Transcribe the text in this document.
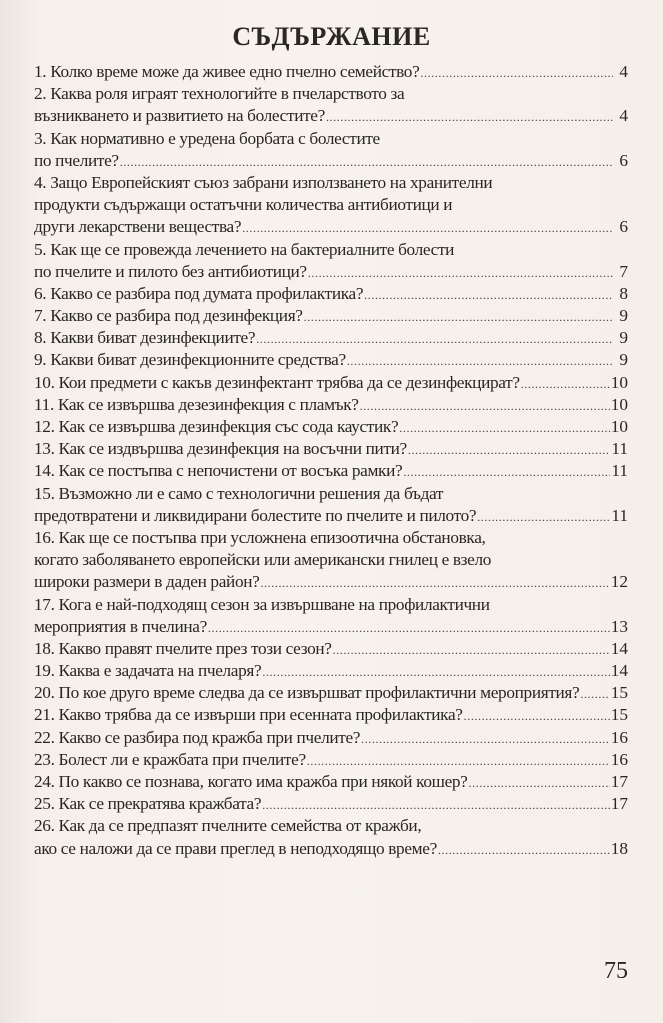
СЪДЪРЖАНИЕ
1. Колко време може да живее едно пчелно семейство? .....	4
2. Каква роля играят технологийте в пчеларството за
възникването и развитието на болестите? .....	4
3. Как нормативно е уредена борбата с болестите
по пчелите? .....	6
4. Защо Европейският съюз забрани използването на хранителни
продукти съдържащи остатъчни количества антибиотици и
други лекарствени вещества? .....	6
5. Как ще се провежда лечението на бактериалните болести
по пчелите и пилото без антибиотици? .....	7
6. Какво се разбира под думата профилактика? .....	8
7. Какво се разбира под дезинфекция? .....	9
8. Какви биват дезинфекциите? .....	9
9. Какви биват дезинфекционните средства? .....	9
10. Кои предмети с какъв дезинфектант трябва да се дезинфекцират? .....	10
11. Как се извършва дезезинфекция с пламък? .....	10
12. Как се извършва дезинфекция със сода каустик? .....	10
13. Как се издвършва дезинфекция на восъчни пити? .....	11
14. Как се постъпва с непочистени от восъка рамки? .....	11
15. Възможно ли е само с технологични решения да бъдат
предотвратени и ликвидирани болестите по пчелите и пилото? .....	11
16. Как ще се постъпва при усложнена епизоотична обстановка,
когато заболяването европейски или американски гнилец е взело
широки размери в даден район? .....	12
17. Кога е най-подходящ сезон за извършване на профилактични
мероприятия в пчелина? .....	13
18. Какво правят пчелите през този сезон? .....	14
19. Каква е задачата на пчеларя? .....	14
20. По кое друго време следва да се извършват профилактични мероприятия? ..... 15
21. Какво трябва да се извърши при есенната профилактика? .....	15
22. Какво се разбира под кражба при пчелите? .....	16
23. Болест ли е кражбата при пчелите? .....	16
24. По какво се познава, когато има кражба при някой кошер? .....	17
25. Как се прекратява кражбата? .....	17
26. Как да се предпазят пчелните семейства от кражби,
ако се наложи да се прави преглед в неподходящо време? .....	18
75
